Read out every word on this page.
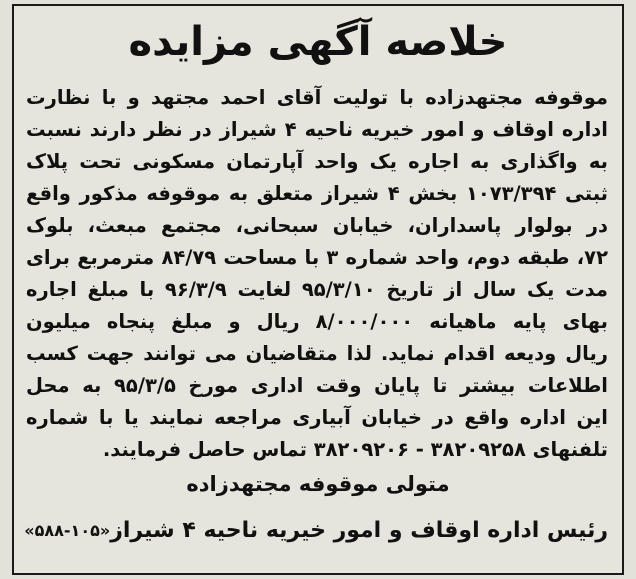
خلاصه آگهی مزایده
موقوفه مجتهدزاده با تولیت آقای احمد مجتهد و با نظارت
اداره اوقاف و امور خیریه ناحیه ۴ شیراز در نظر دارند نسبت
به واگذاری به اجاره یک واحد آپارتمان مسکونی تحت پلاک
ثبتی ۱۰۷۳/۳۹۴ بخش ۴ شیراز متعلق به موقوفه مذکور واقع
در بولوار پاسداران، خیابان سبحانی، مجتمع مبعث، بلوک
۷۲، طبقه دوم، واحد شماره ۳ با مساحت ۸۴/۷۹ مترمربع برای
مدت یک سال از تاریخ ۹۵/۳/۱۰ لغایت ۹۶/۳/۹ با مبلغ اجاره
بهای پایه ماهیانه ۸/۰۰۰/۰۰۰ ریال و مبلغ پنجاه میلیون
ریال ودیعه اقدام نماید. لذا متقاضیان می توانند جهت کسب
اطلاعات بیشتر تا پایان وقت اداری مورخ ۹۵/۳/۵ به محل
این اداره واقع در خیابان آبیاری مراجعه نمایند یا با شماره
تلفنهای ۳۸۲۰۹۲۵۸ - ۳۸۲۰۹۲۰۶ تماس حاصل فرمایند.
متولی موقوفه مجتهدزاده
رئیس اداره اوقاف و امور خیریه ناحیه ۴ شیراز
«۵۸۸-۱۰۵»
